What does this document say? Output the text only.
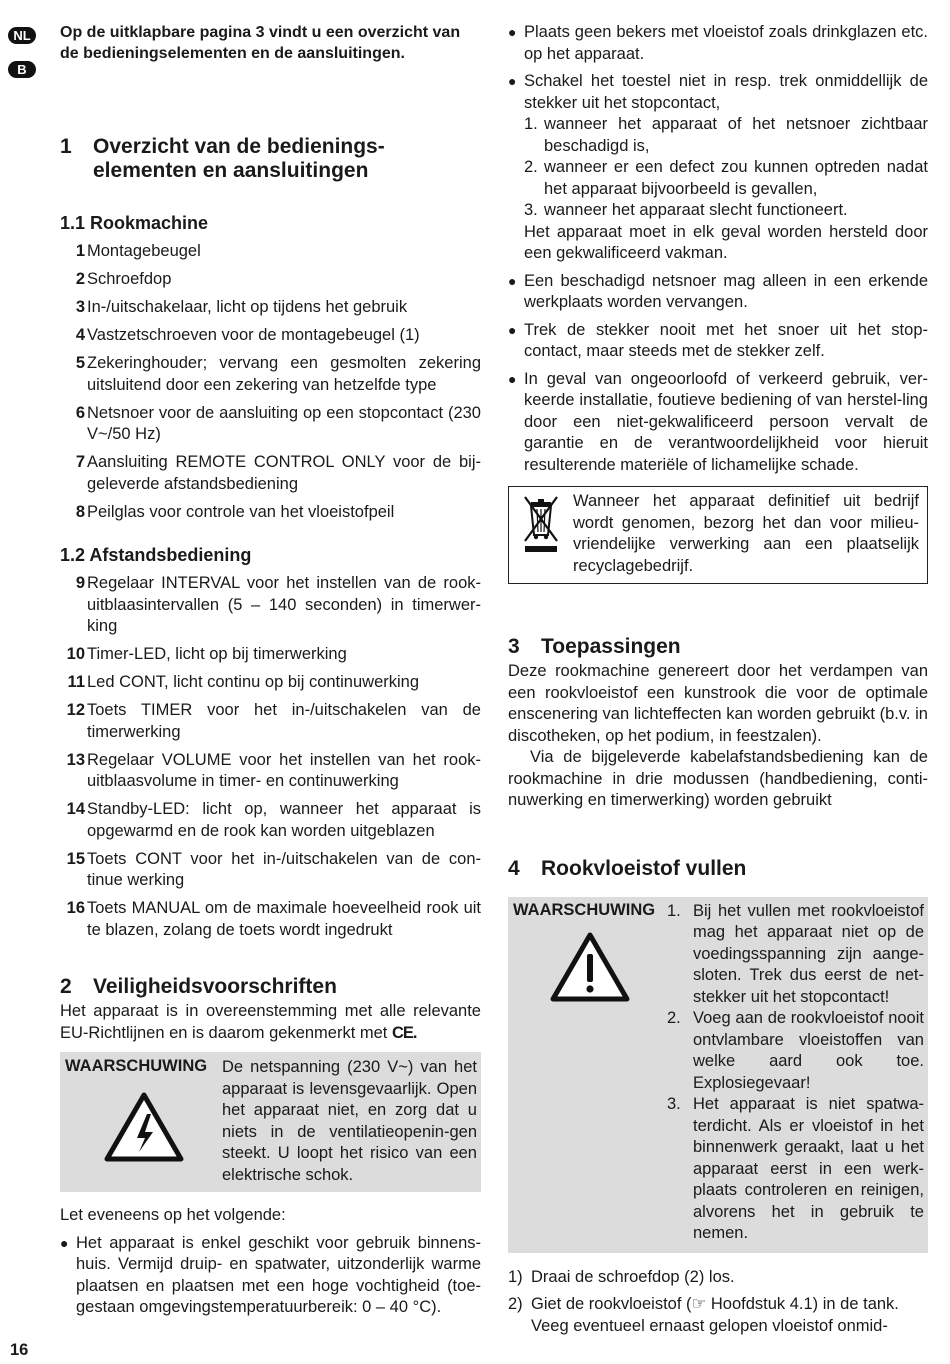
NL
B

Op de uitklapbare pagina 3 vindt u een overzicht van de bedieningselementen en de aansluitingen.

1	Overzicht van de bedienings-
elementen en aansluitingen

1.1 Rookmachine

1 Montagebeugel
2 Schroefdop
3 In-/uitschakelaar, licht op tijdens het gebruik
4 Vastzetschroeven voor de montagebeugel (1)
5 Zekeringhouder; vervang een gesmolten zekering uitsluitend door een zekering van hetzelfde type
6 Netsnoer voor de aansluiting op een stopcontact (230 V~/50 Hz)
7 Aansluiting REMOTE CONTROL ONLY voor de bij-geleverde afstandsbediening
8 Peilglas voor controle van het vloeistofpeil

1.2 Afstandsbediening

9 Regelaar INTERVAL voor het instellen van de rook-uitblaasintervallen (5 – 140 seconden) in timerwer-king
10 Timer-LED, licht op bij timerwerking
11 Led CONT, licht continu op bij continuwerking
12 Toets TIMER voor het in-/uitschakelen van de timerwerking
13 Regelaar VOLUME voor het instellen van het rook-uitblaasvolume in timer- en continuwerking
14 Standby-LED: licht op, wanneer het apparaat is opgewarmd en de rook kan worden uitgeblazen
15 Toets CONT voor het in-/uitschakelen van de con-tinue werking
16 Toets MANUAL om de maximale hoeveelheid rook uit te blazen, zolang de toets wordt ingedrukt
2	Veiligheidsvoorschriften

Het apparaat is in overeenstemming met alle relevante EU-Richtlijnen en is daarom gekenmerkt met CE.

WAARSCHUWING De netspanning (230 V~) van het apparaat is levensgevaarlijk. Open het apparaat niet, en zorg dat u niets in de ventilatieopenin-gen steekt. U loopt het risico van een elektrische schok.

Let eveneens op het volgende:

● Het apparaat is enkel geschikt voor gebruik binnens-huis. Vermijd druip- en spatwater, uitzonderlijk warme plaatsen en plaatsen met een hoge vochtigheid (toe-gestaan omgevingstemperatuurbereik: 0 – 40 °C).
● Plaats geen bekers met vloeistof zoals drinkglazen etc. op het apparaat.
● Schakel het toestel niet in resp. trek onmiddellijk de stekker uit het stopcontact,
1. wanneer het apparaat of het netsnoer zichtbaar beschadigd is,
2. wanneer er een defect zou kunnen optreden nadat het apparaat bijvoorbeeld is gevallen,
3. wanneer het apparaat slecht functioneert.
Het apparaat moet in elk geval worden hersteld door een gekwalificeerd vakman.
● Een beschadigd netsnoer mag alleen in een erkende werkplaats worden vervangen.
● Trek de stekker nooit met het snoer uit het stop-contact, maar steeds met de stekker zelf.
● In geval van ongeoorloofd of verkeerd gebruik, ver-keerde installatie, foutieve bediening of van herstel-ling door een niet-gekwalificeerd persoon vervalt de garantie en de verantwoordelijkheid voor hieruit resulterende materiële of lichamelijke schade.
Wanneer het apparaat definitief uit bedrijf wordt genomen, bezorg het dan voor milieu-vriendelijke verwerking aan een plaatselijk recyclagebedrijf.
3	Toepassingen

Deze rookmachine genereert door het verdampen van een rookvloeistof een kunstrook die voor de optimale enscenering van lichteffecten kan worden gebruikt (b.v. in discotheken, op het podium, in feestzalen).

Via de bijgeleverde kabelafstandsbediening kan de rookmachine in drie modussen (handbediening, conti-nuwerking en timerwerking) worden gebruikt

4	Rookvloeistof vullen
WAARSCHUWING 1. Bij het vullen met rookvloeistof mag het apparaat niet op de voedingsspanning zijn aange-sloten. Trek dus eerst de net-stekker uit het stopcontact!
2. Voeg aan de rookvloeistof nooit ontvlambare vloeistoffen van welke aard ook toe. Explosiegevaar!
3. Het apparaat is niet spatwa-terdicht. Als er vloeistof in het binnenwerk geraakt, laat u het apparaat eerst in een werk-plaats controleren en reinigen, alvorens het in gebruik te nemen.
1) Draai de schroefdop (2) los.
2) Giet de rookvloeistof (☞ Hoofdstuk 4.1) in de tank. Veeg eventueel ernaast gelopen vloeistof onmid-
16
